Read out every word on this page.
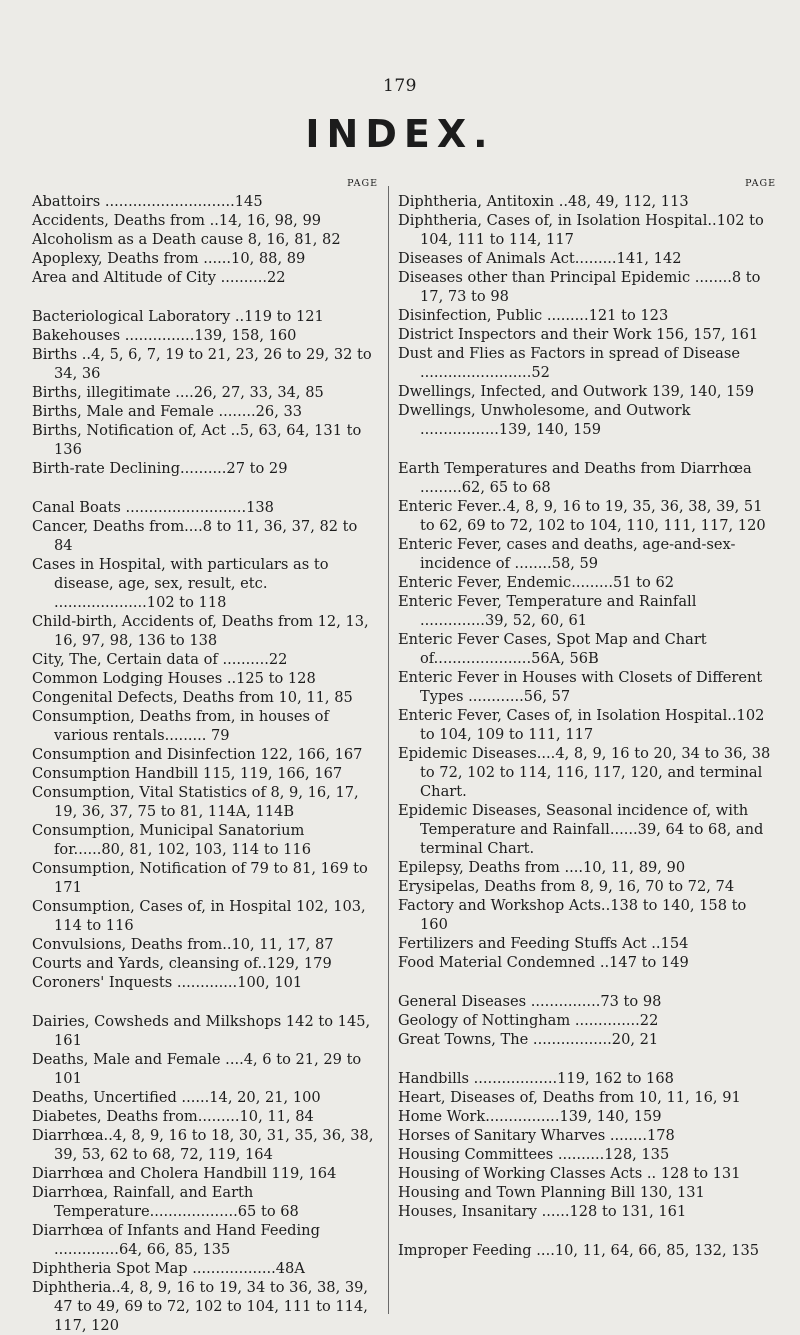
179
INDEX.
PAGE
Abattoirs ............................145
Accidents, Deaths from ..14, 16, 98, 99
Alcoholism as a Death cause 8, 16, 81, 82
Apoplexy, Deaths from ......10, 88, 89
Area and Altitude of City ..........22
Bacteriological Laboratory ..119 to 121
Bakehouses ...............139, 158, 160
Births ..4, 5, 6, 7, 19 to 21, 23, 26 to 29, 32 to 34, 36
Births, illegitimate ....26, 27, 33, 34, 85
Births, Male and Female ........26, 33
Births, Notification of, Act ..5, 63, 64, 131 to 136
Birth-rate Declining..........27 to 29
Canal Boats ..........................138
Cancer, Deaths from....8 to 11, 36, 37, 82 to 84
Cases in Hospital, with particulars as to disease, age, sex, result, etc. ....................102 to 118
Child-birth, Accidents of, Deaths from 12, 13, 16, 97, 98, 136 to 138
City, The, Certain data of ..........22
Common Lodging Houses ..125 to 128
Congenital Defects, Deaths from 10, 11, 85
Consumption, Deaths from, in houses of various rentals......... 79
Consumption and Disinfection 122, 166, 167
Consumption Handbill 115, 119, 166, 167
Consumption, Vital Statistics of 8, 9, 16, 17, 19, 36, 37, 75 to 81, 114A, 114B
Consumption, Municipal Sanatorium for......80, 81, 102, 103, 114 to 116
Consumption, Notification of 79 to 81, 169 to 171
Consumption, Cases of, in Hospital 102, 103, 114 to 116
Convulsions, Deaths from..10, 11, 17, 87
Courts and Yards, cleansing of..129, 179
Coroners' Inquests .............100, 101
Dairies, Cowsheds and Milkshops 142 to 145, 161
Deaths, Male and Female ....4, 6 to 21, 29 to 101
Deaths, Uncertified ......14, 20, 21, 100
Diabetes, Deaths from.........10, 11, 84
Diarrhœa..4, 8, 9, 16 to 18, 30, 31, 35, 36, 38, 39, 53, 62 to 68, 72, 119, 164
Diarrhœa and Cholera Handbill 119, 164
Diarrhœa, Rainfall, and Earth Temperature...................65 to 68
Diarrhœa of Infants and Hand Feeding ..............64, 66, 85, 135
Diphtheria Spot Map ..................48A
Diphtheria..4, 8, 9, 16 to 19, 34 to 36, 38, 39, 47 to 49, 69 to 72, 102 to 104, 111 to 114, 117, 120
PAGE
Diphtheria, Antitoxin ..48, 49, 112, 113
Diphtheria, Cases of, in Isolation Hospital..102 to 104, 111 to 114, 117
Diseases of Animals Act.........141, 142
Diseases other than Principal Epidemic ........8 to 17, 73 to 98
Disinfection, Public .........121 to 123
District Inspectors and their Work 156, 157, 161
Dust and Flies as Factors in spread of Disease ........................52
Dwellings, Infected, and Outwork 139, 140, 159
Dwellings, Unwholesome, and Outwork .................139, 140, 159
Earth Temperatures and Deaths from Diarrhœa .........62, 65 to 68
Enteric Fever..4, 8, 9, 16 to 19, 35, 36, 38, 39, 51 to 62, 69 to 72, 102 to 104, 110, 111, 117, 120
Enteric Fever, cases and deaths, age-and-sex-incidence of ........58, 59
Enteric Fever, Endemic.........51 to 62
Enteric Fever, Temperature and Rainfall ..............39, 52, 60, 61
Enteric Fever Cases, Spot Map and Chart of.....................56A, 56B
Enteric Fever in Houses with Closets of Different Types ............56, 57
Enteric Fever, Cases of, in Isolation Hospital..102 to 104, 109 to 111, 117
Epidemic Diseases....4, 8, 9, 16 to 20, 34 to 36, 38 to 72, 102 to 114, 116, 117, 120, and terminal Chart.
Epidemic Diseases, Seasonal incidence of, with Temperature and Rainfall......39, 64 to 68, and terminal Chart.
Epilepsy, Deaths from ....10, 11, 89, 90
Erysipelas, Deaths from 8, 9, 16, 70 to 72, 74
Factory and Workshop Acts..138 to 140, 158 to 160
Fertilizers and Feeding Stuffs Act ..154
Food Material Condemned ..147 to 149
General Diseases ...............73 to 98
Geology of Nottingham ..............22
Great Towns, The .................20, 21
Handbills ..................119, 162 to 168
Heart, Diseases of, Deaths from 10, 11, 16, 91
Home Work................139, 140, 159
Horses of Sanitary Wharves ........178
Housing Committees ..........128, 135
Housing of Working Classes Acts .. 128 to 131
Housing and Town Planning Bill 130, 131
Houses, Insanitary ......128 to 131, 161
Improper Feeding ....10, 11, 64, 66, 85, 132, 135
